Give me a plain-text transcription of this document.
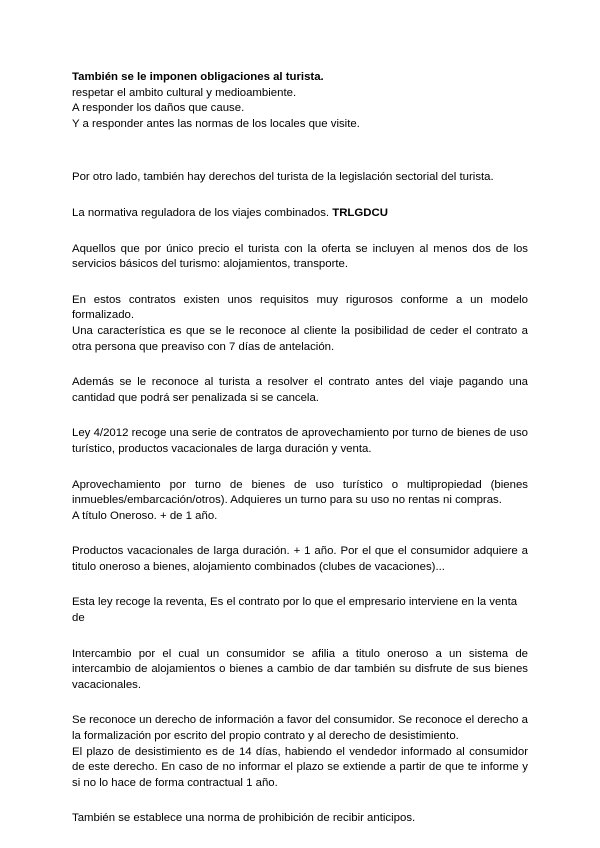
También se le imponen obligaciones al turista.

respetar el ambito cultural y medioambiente.

A responder los daños que cause.

Y a responder antes las normas de los locales que visite.

Por otro lado, también hay derechos del turista de la legislación sectorial del turista.

La normativa reguladora de los viajes combinados. TRLGDCU

Aquellos que por único precio el turista con la oferta se incluyen al menos dos de los servicios básicos del turismo: alojamientos, transporte.

En estos contratos existen unos requisitos muy rigurosos conforme a un modelo formalizado.

Una característica es que se le reconoce al cliente la posibilidad de ceder el contrato a otra persona que preaviso con 7 días de antelación.

Además se le reconoce al turista a resolver el contrato antes del viaje pagando una cantidad que podrá ser penalizada si se cancela.

Ley 4/2012 recoge una serie de contratos de aprovechamiento por turno de bienes de uso turístico, productos vacacionales de larga duración y venta.

Aprovechamiento por turno de bienes de uso turístico o multipropiedad (bienes inmuebles/embarcación/otros). Adquieres un turno para su uso no rentas ni compras.

A título Oneroso. + de 1 año.

Productos vacacionales de larga duración. + 1 año. Por el que el consumidor adquiere a titulo oneroso a bienes, alojamiento combinados (clubes de vacaciones)...

Esta ley recoge la reventa, Es el contrato por lo que el empresario interviene en la venta de

Intercambio por el cual un consumidor se afilia a titulo oneroso a un sistema de intercambio de alojamientos o bienes a cambio de dar también su disfrute de sus bienes vacacionales.

Se reconoce un derecho de información a favor del consumidor. Se reconoce el derecho a la formalización por escrito del propio contrato y al derecho de desistimiento.

El plazo de desistimiento es de 14 días, habiendo el vendedor informado al consumidor de este derecho. En caso de no informar el plazo se extiende a partir de que te informe y si no lo hace de forma contractual 1 año.

También se establece una norma de prohibición de recibir anticipos.
